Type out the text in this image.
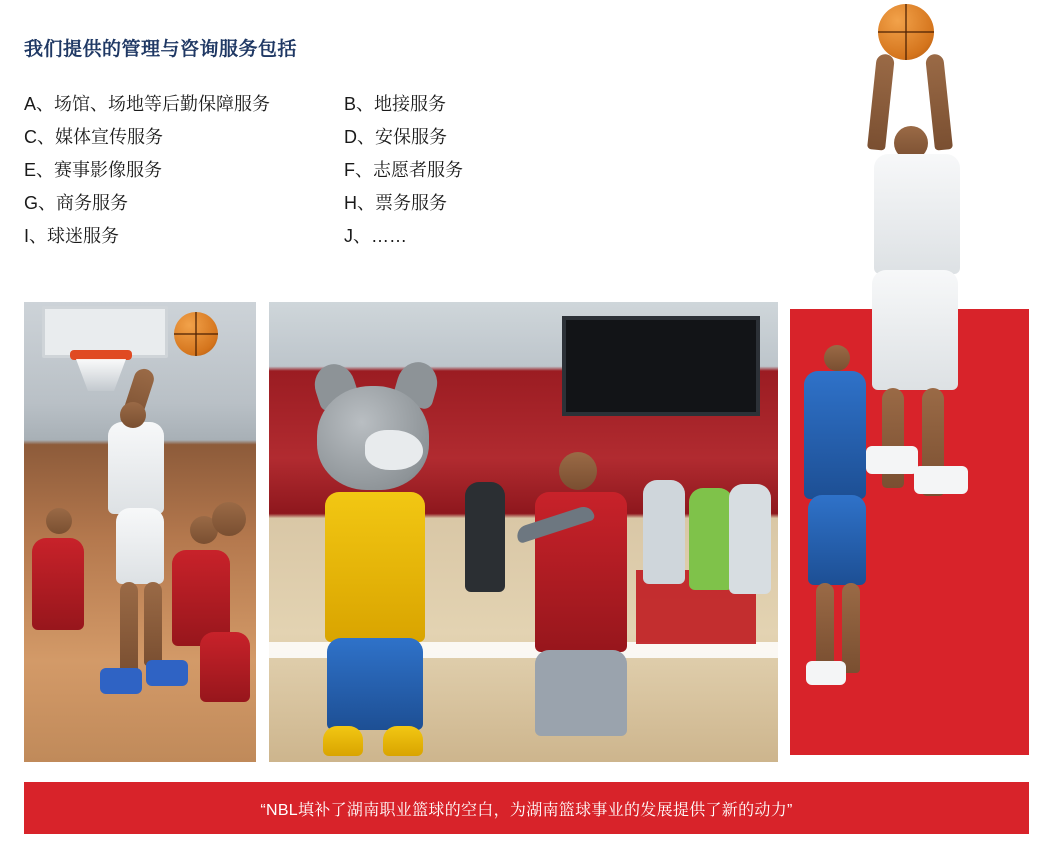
我们提供的管理与咨询服务包括
A、场馆、场地等后勤保障服务	B、地接服务
C、媒体宣传服务	D、安保服务
E、赛事影像服务	F、志愿者服务
G、商务服务	H、票务服务
I、球迷服务	J、……
“NBL填补了湖南职业篮球的空白，为湖南篮球事业的发展提供了新的动力”
